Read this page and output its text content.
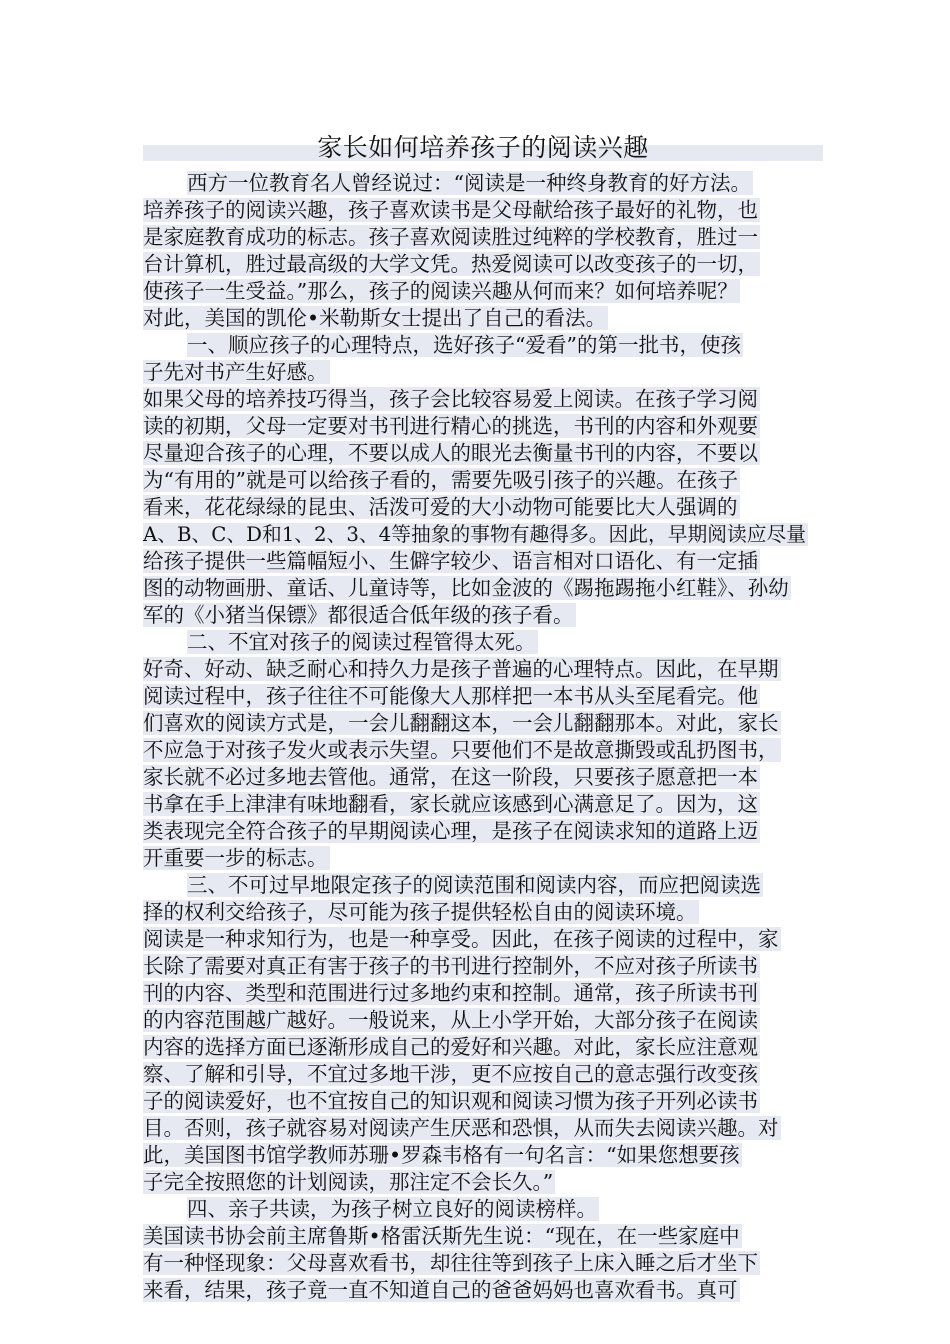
家长如何培养孩子的阅读兴趣
西方一位教育名人曾经说过：“阅读是一种终身教育的好方法。
培养孩子的阅读兴趣，孩子喜欢读书是父母献给孩子最好的礼物，也
是家庭教育成功的标志。孩子喜欢阅读胜过纯粹的学校教育，胜过一
台计算机，胜过最高级的大学文凭。热爱阅读可以改变孩子的一切，
使孩子一生受益。”那么，孩子的阅读兴趣从何而来？如何培养呢？
对此，美国的凯伦•米勒斯女士提出了自己的看法。
一、顺应孩子的心理特点，选好孩子“爱看”的第一批书，使孩
子先对书产生好感。
如果父母的培养技巧得当，孩子会比较容易爱上阅读。在孩子学习阅
读的初期，父母一定要对书刊进行精心的挑选，书刊的内容和外观要
尽量迎合孩子的心理，不要以成人的眼光去衡量书刊的内容，不要以
为“有用的”就是可以给孩子看的，需要先吸引孩子的兴趣。在孩子
看来，花花绿绿的昆虫、活泼可爱的大小动物可能要比大人强调的
A、B、C、D和1、2、3、4等抽象的事物有趣得多。因此，早期阅读应尽量
给孩子提供一些篇幅短小、生僻字较少、语言相对口语化、有一定插
图的动物画册、童话、儿童诗等，比如金波的《踢拖踢拖小红鞋》、孙幼
军的《小猪当保镖》都很适合低年级的孩子看。
二、不宜对孩子的阅读过程管得太死。
好奇、好动、缺乏耐心和持久力是孩子普遍的心理特点。因此，在早期
阅读过程中，孩子往往不可能像大人那样把一本书从头至尾看完。他
们喜欢的阅读方式是，一会儿翻翻这本，一会儿翻翻那本。对此，家长
不应急于对孩子发火或表示失望。只要他们不是故意撕毁或乱扔图书，
家长就不必过多地去管他。通常，在这一阶段，只要孩子愿意把一本
书拿在手上津津有味地翻看，家长就应该感到心满意足了。因为，这
类表现完全符合孩子的早期阅读心理，是孩子在阅读求知的道路上迈
开重要一步的标志。
三、不可过早地限定孩子的阅读范围和阅读内容，而应把阅读选
择的权利交给孩子，尽可能为孩子提供轻松自由的阅读环境。
阅读是一种求知行为，也是一种享受。因此，在孩子阅读的过程中，家
长除了需要对真正有害于孩子的书刊进行控制外，不应对孩子所读书
刊的内容、类型和范围进行过多地约束和控制。通常，孩子所读书刊
的内容范围越广越好。一般说来，从上小学开始，大部分孩子在阅读
内容的选择方面已逐渐形成自己的爱好和兴趣。对此，家长应注意观
察、了解和引导，不宜过多地干涉，更不应按自己的意志强行改变孩
子的阅读爱好，也不宜按自己的知识观和阅读习惯为孩子开列必读书
目。否则，孩子就容易对阅读产生厌恶和恐惧，从而失去阅读兴趣。对
此，美国图书馆学教师苏珊•罗森韦格有一句名言：“如果您想要孩
子完全按照您的计划阅读，那注定不会长久。”
四、亲子共读，为孩子树立良好的阅读榜样。
美国读书协会前主席鲁斯•格雷沃斯先生说：“现在，在一些家庭中
有一种怪现象：父母喜欢看书，却往往等到孩子上床入睡之后才坐下
来看，结果，孩子竟一直不知道自己的爸爸妈妈也喜欢看书。真可
